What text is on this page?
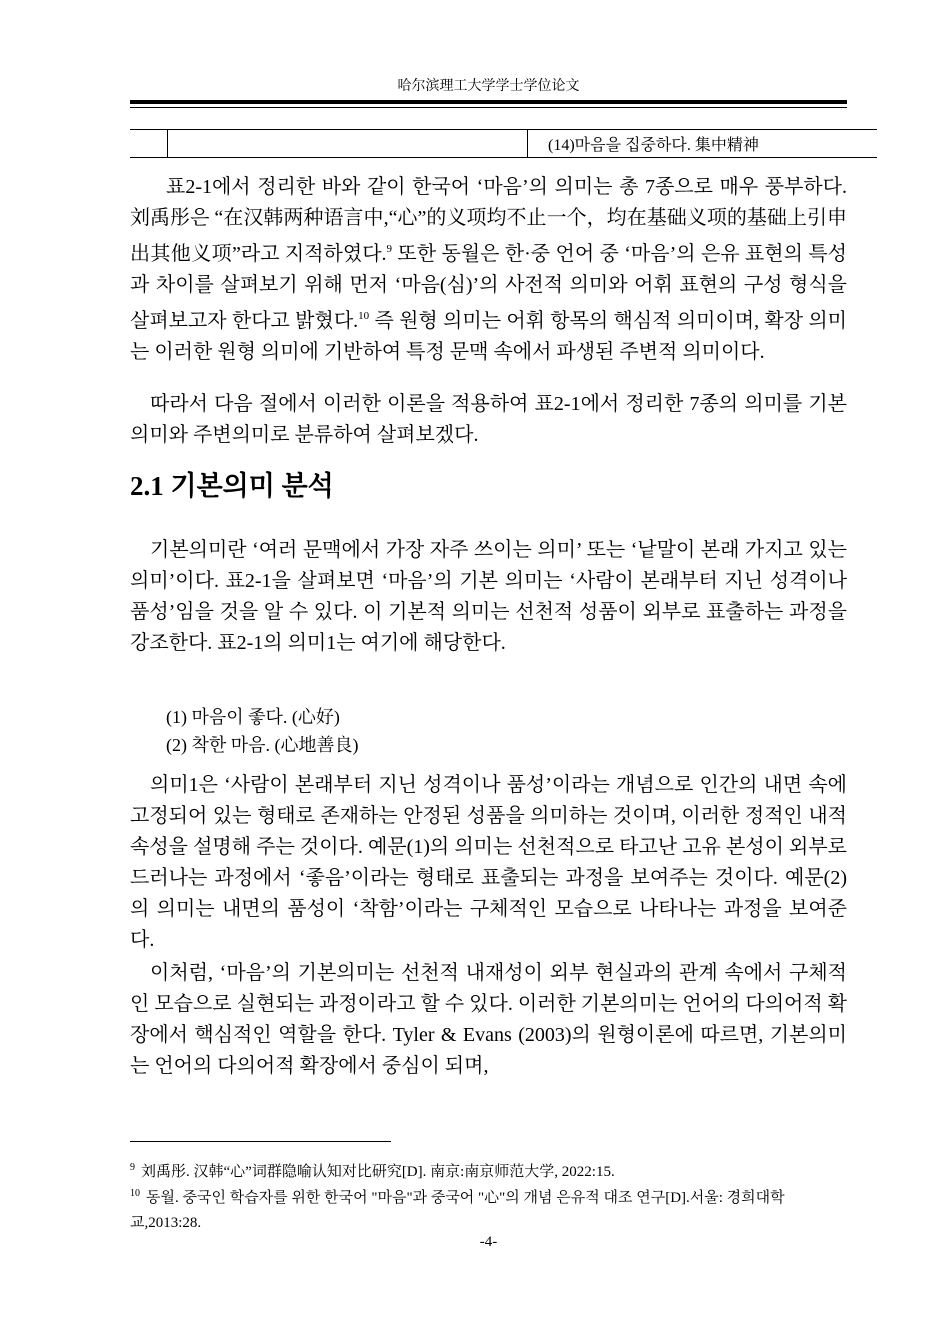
哈尔滨理工大学学士学位论文
		(14)마음을 집중하다. 集中精神

표2-1에서 정리한 바와 같이 한국어 ‘마음’의 의미는 총 7종으로 매우 풍부하다. 刘禹彤은 “在汉韩两种语言中,“心”的义项均不止一个，均在基础义项的基础上引申出其他义项”라고 지적하였다.$^9$ 또한 동월은 한·중 언어 중 ‘마음’의 은유 표현의 특성과 차이를 살펴보기 위해 먼저 ‘마음(심)’의 사전적 의미와 어휘 표현의 구성 형식을 살펴보고자 한다고 밝혔다.$^{10}$ 즉 원형 의미는 어휘 항목의 핵심적 의미이며, 확장 의미는 이러한 원형 의미에 기반하여 특정 문맥 속에서 파생된 주변적 의미이다.

따라서 다음 절에서 이러한 이론을 적용하여 표2-1에서 정리한 7종의 의미를 기본의미와 주변의미로 분류하여 살펴보겠다.

2.1 기본의미 분석

기본의미란 ‘여러 문맥에서 가장 자주 쓰이는 의미’ 또는 ‘낱말이 본래 가지고 있는 의미’이다. 표2-1을 살펴보면 ‘마음’의 기본 의미는 ‘사람이 본래부터 지닌 성격이나 품성’임을 것을 알 수 있다. 이 기본적 의미는 선천적 성품이 외부로 표출하는 과정을 강조한다. 표2-1의 의미1는 여기에 해당한다.

(1) 마음이 좋다. (心好)

(2) 착한 마음. (心地善良)

의미1은 ‘사람이 본래부터 지닌 성격이나 품성’이라는 개념으로 인간의 내면 속에 고정되어 있는 형태로 존재하는 안정된 성품을 의미하는 것이며, 이러한 정적인 내적 속성을 설명해 주는 것이다. 예문(1)의 의미는 선천적으로 타고난 고유 본성이 외부로 드러나는 과정에서 ‘좋음’이라는 형태로 표출되는 과정을 보여주는 것이다. 예문(2)의 의미는 내면의 품성이 ‘착함’이라는 구체적인 모습으로 나타나는 과정을 보여준다.

이처럼, ‘마음’의 기본의미는 선천적 내재성이 외부 현실과의 관계 속에서 구체적인 모습으로 실현되는 과정이라고 할 수 있다. 이러한 기본의미는 언어의 다의어적 확장에서 핵심적인 역할을 한다. Tyler & Evans (2003)의 원형이론에 따르면, 기본의미는 언어의 다의어적 확장에서 중심이 되며,

$^9$ 刘禹彤. 汉韩“心”词群隐喻认知对比研究[D]. 南京:南京师范大学, 2022:15.

$^{10}$ 동월. 중국인 학습자를 위한 한국어 "마음"과 중국어 "心"의 개념 은유적 대조 연구[D].서울: 경희대학교,2013:28.

-4-
